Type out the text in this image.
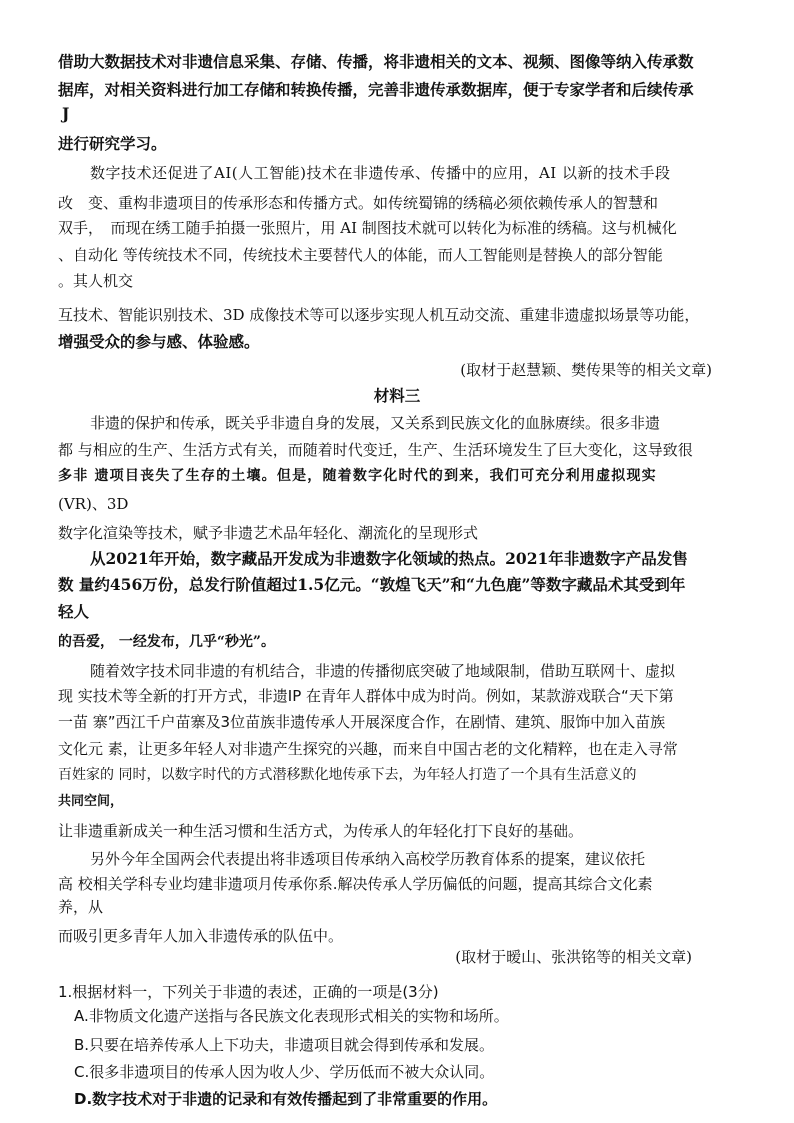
借助大数据技术对非遗信息采集、存储、传播，将非遗相关的文本、视频、图像等纳入传承数
据库，对相关资料进行加工存储和转换传播，完善非遗传承数据库，便于专家学者和后续传承
J
进行研究学习。
数字技术还促进了AI(人工智能)技术在非遗传承、传播中的应用，AI 以新的技术手段
改　变、重构非遗项目的传承形态和传播方式。如传统蜀锦的绣稿必须依赖传承人的智慧和
双手，　而现在绣工随手拍摄一张照片，用 AI 制图技术就可以转化为标准的绣稿。这与机械化
、自动化 等传统技术不同，传统技术主要替代人的体能，而人工智能则是替换人的部分智能
。其人机交
互技术、智能识别技术、3D 成像技术等可以逐步实现人机互动交流、重建非遗虚拟场景等功能，
增强受众的参与感、体验感。
(取材于赵慧颖、樊传果等的相关文章)
材料三
非遗的保护和传承，既关乎非遗自身的发展，又关系到民族文化的血脉赓续。很多非遗
都 与相应的生产、生活方式有关，而随着时代变迁，生产、生活环境发生了巨大变化，这导致很
多非 遗项目丧失了生存的土壤。但是，随着数字化时代的到来，我们可充分利用虚拟现实
(VR)、3D
数字化渲染等技术，赋予非遗艺术品年轻化、潮流化的呈现形式
从2021年开始，数字藏品开发成为非遗数字化领域的热点。2021年非遗数字产品发售
数 量约456万份，总发行阶值超过1.5亿元。“敦煌飞天”和“九色鹿”等数字藏品术其受到年
轻人
的吾爱， 一经发布，几乎“秒光”。
随着效字技术同非遗的有机结合，非遗的传播彻底突破了地域限制，借助互联网十、虚拟
现 实技术等全新的打开方式，非遗IP 在青年人群体中成为时尚。例如，某款游戏联合“天下第
一苗 寨”西江千户苗寨及3位苗族非遗传承人开展深度合作，在剧情、建筑、服饰中加入苗族
文化元 素，让更多年轻人对非遗产生探究的兴趣，而来自中国古老的文化精粹，也在走入寻常
百姓家的 同时，以数字时代的方式潜移默化地传承下去，为年轻人打造了一个具有生活意义的
共同空间，
让非遗重新成关一种生活习惯和生活方式，为传承人的年轻化打下良好的基础。
另外今年全国两会代表提出将非透项目传承纳入高校学历教育体系的提案，建议依托
高 校相关学科专业均建非遗项月传承你系.解决传承人学历偏低的问题，提高其综合文化素
养，从
而吸引更多青年人加入非遗传承的队伍中。
(取材于暧山、张洪铭等的相关文章)
1.根据材料一，下列关于非遗的表述，正确的一项是(3分)
A.非物质文化遗产送指与各民族文化表现形式相关的实物和场所。
B.只要在培养传承人上下功夫，非遗项目就会得到传承和发展。
C.很多非遗项目的传承人因为收人少、学历低而不被大众认同。
D.数字技术对于非遗的记录和有效传播起到了非常重要的作用。
